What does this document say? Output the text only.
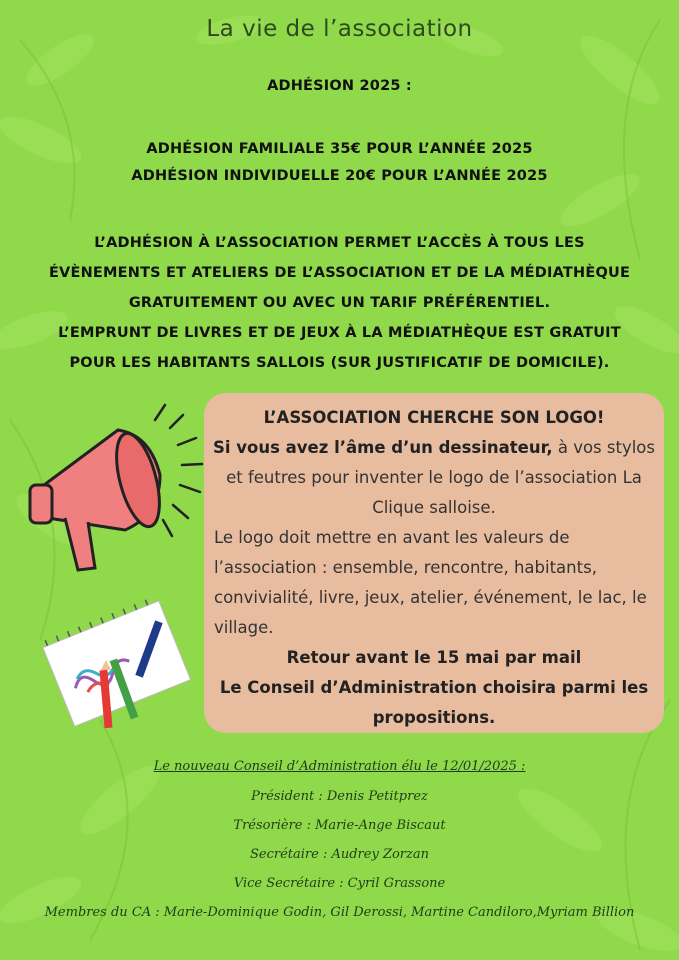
La vie de l’association
ADHÉSION 2025 :
ADHÉSION FAMILIALE 35€ POUR L’ANNÉE 2025
ADHÉSION INDIVIDUELLE 20€ POUR L’ANNÉE 2025
L’ADHÉSION À L’ASSOCIATION PERMET L’ACCÈS À TOUS LES
ÉVÈNEMENTS ET ATELIERS DE L’ASSOCIATION ET DE LA MÉDIATHÈQUE
GRATUITEMENT OU AVEC UN TARIF PRÉFÉRENTIEL.
L’EMPRUNT DE LIVRES ET DE JEUX À LA MÉDIATHÈQUE EST GRATUIT
POUR LES HABITANTS SALLOIS (SUR JUSTIFICATIF DE DOMICILE).
L’ASSOCIATION CHERCHE SON LOGO!
Si vous avez l’âme d’un dessinateur, à vos stylos et feutres pour inventer le logo de l’association La Clique salloise.
Le logo doit mettre en avant les valeurs de l’association : ensemble, rencontre, habitants, convivialité, livre, jeux, atelier, événement, le lac, le village.
Retour avant le 15 mai par mail
Le Conseil d’Administration choisira parmi les propositions.
Le nouveau Conseil d’Administration élu le 12/01/2025 :
Président : Denis Petitprez
Trésorière : Marie-Ange Biscaut
Secrétaire : Audrey Zorzan
Vice Secrétaire : Cyril Grassone
Membres du CA : Marie-Dominique Godin, Gil Derossi, Martine Candiloro,Myriam Billion
